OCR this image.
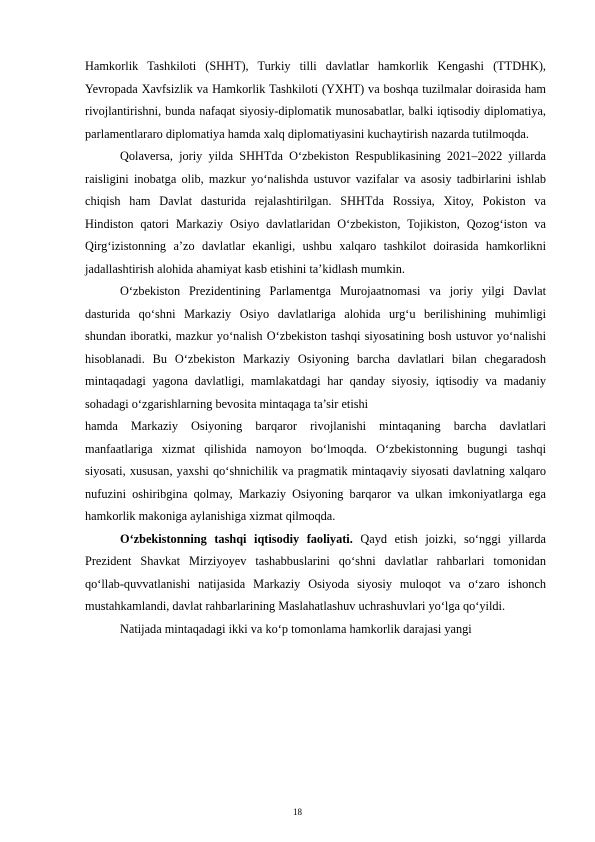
Hamkorlik Tashkiloti (SHHT), Turkiy tilli davlatlar hamkorlik Kengashi (TTDHK), Yevropada Xavfsizlik va Hamkorlik Tashkiloti (YXHT) va boshqa tuzilmalar doirasida ham rivojlantirishni, bunda nafaqat siyosiy-diplomatik munosabatlar, balki iqtisodiy diplomatiya, parlamentlararo diplomatiya hamda xalq diplomatiyasini kuchaytirish nazarda tutilmoqda.

Qolaversa, joriy yilda SHHTda O‘zbekiston Respublikasining 2021–2022 yillarda raisligini inobatga olib, mazkur yo‘nalishda ustuvor vazifalar va asosiy tadbirlarini ishlab chiqish ham Davlat dasturida rejalashtirilgan. SHHTda Rossiya, Xitoy, Pokiston va Hindiston qatori Markaziy Osiyo davlatlaridan O‘zbekiston, Tojikiston, Qozog‘iston va Qirg‘izistonning a’zo davlatlar ekanligi, ushbu xalqaro tashkilot doirasida hamkorlikni jadallashtirish alohida ahamiyat kasb etishini ta’kidlash mumkin.

O‘zbekiston Prezidentining Parlamentga Murojaatnomasi va joriy yilgi Davlat dasturida qo‘shni Markaziy Osiyo davlatlariga alohida urg‘u berilishining muhimligi shundan iboratki, mazkur yo‘nalish O‘zbekiston tashqi siyosatining bosh ustuvor yo‘nalishi hisoblanadi. Bu O‘zbekiston Markaziy Osiyoning barcha davlatlari bilan chegaradosh mintaqadagi yagona davlatligi, mamlakatdagi har qanday siyosiy, iqtisodiy va madaniy sohadagi o‘zgarishlarning bevosita mintaqaga ta’sir etishi

hamda Markaziy Osiyoning barqaror rivojlanishi mintaqaning barcha davlatlari manfaatlariga xizmat qilishida namoyon bo‘lmoqda. O‘zbekistonning bugungi tashqi siyosati, xususan, yaxshi qo‘shnichilik va pragmatik mintaqaviy siyosati davlatning xalqaro nufuzini oshiribgina qolmay, Markaziy Osiyoning barqaror va ulkan imkoniyatlarga ega hamkorlik makoniga aylanishiga xizmat qilmoqda.

O‘zbekistonning tashqi iqtisodiy faoliyati. Qayd etish joizki, so‘nggi yillarda Prezident Shavkat Mirziyoyev tashabbuslarini qo‘shni davlatlar rahbarlari tomonidan qo‘llab-quvvatlanishi natijasida Markaziy Osiyoda siyosiy muloqot va o‘zaro ishonch mustahkamlandi, davlat rahbarlarining Maslahatlashuv uchrashuvlari yo‘lga qo‘yildi.

Natijada mintaqadagi ikki va ko‘p tomonlama hamkorlik darajasi yangi

18
